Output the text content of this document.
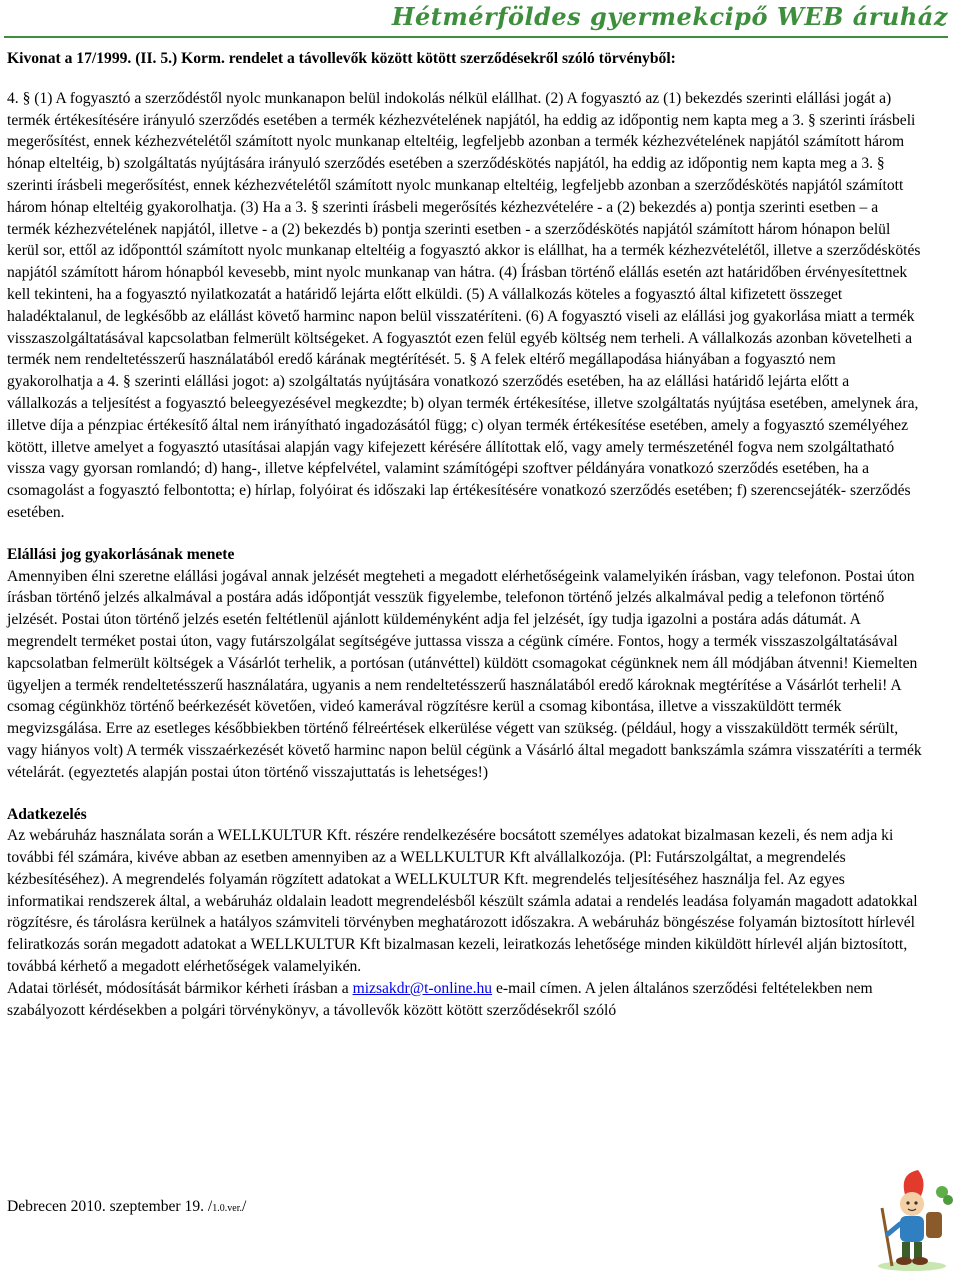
Hétmérföldes gyermekcipő WEB áruház

Kivonat a 17/1999. (II. 5.) Korm. rendelet a távollevők között kötött szerződésekről szóló törvényből:

4. § (1) A fogyasztó a szerződéstől nyolc munkanapon belül indokolás nélkül elállhat. (2) A fogyasztó az (1) bekezdés szerinti elállási jogát a) termék értékesítésére irányuló szerződés esetében a termék kézhezvételének napjától, ha eddig az időpontig nem kapta meg a 3. § szerinti írásbeli megerősítést, ennek kézhezvételétől számított nyolc munkanap elteltéig, legfeljebb azonban a termék kézhezvételének napjától számított három hónap elteltéig, b) szolgáltatás nyújtására irányuló szerződés esetében a szerződéskötés napjától, ha eddig az időpontig nem kapta meg a 3. § szerinti írásbeli megerősítést, ennek kézhezvételétől számított nyolc munkanap elteltéig, legfeljebb azonban a szerződéskötés napjától számított három hónap elteltéig gyakorolhatja. (3) Ha a 3. § szerinti írásbeli megerősítés kézhezvételére - a (2) bekezdés a) pontja szerinti esetben – a termék kézhezvételének napjától, illetve - a (2) bekezdés b) pontja szerinti esetben - a szerződéskötés napjától számított három hónapon belül kerül sor, ettől az időponttól számított nyolc munkanap elteltéig a fogyasztó akkor is elállhat, ha a termék kézhezvételétől, illetve a szerződéskötés napjától számított három hónapból kevesebb, mint nyolc munkanap van hátra. (4) Írásban történő elállás esetén azt határidőben érvényesítettnek kell tekinteni, ha a fogyasztó nyilatkozatát a határidő lejárta előtt elküldi. (5) A vállalkozás köteles a fogyasztó által kifizetett összeget haladéktalanul, de legkésőbb az elállást követő harminc napon belül visszatéríteni. (6) A fogyasztó viseli az elállási jog gyakorlása miatt a termék visszaszolgáltatásával kapcsolatban felmerült költségeket. A fogyasztót ezen felül egyéb költség nem terheli. A vállalkozás azonban követelheti a termék nem rendeltetésszerű használatából eredő kárának megtérítését. 5. § A felek eltérő megállapodása hiányában a fogyasztó nem gyakorolhatja a 4. § szerinti elállási jogot: a) szolgáltatás nyújtására vonatkozó szerződés esetében, ha az elállási határidő lejárta előtt a vállalkozás a teljesítést a fogyasztó beleegyezésével megkezdte; b) olyan termék értékesítése, illetve szolgáltatás nyújtása esetében, amelynek ára, illetve díja a pénzpiac értékesítő által nem irányítható ingadozásától függ; c) olyan termék értékesítése esetében, amely a fogyasztó személyéhez kötött, illetve amelyet a fogyasztó utasításai alapján vagy kifejezett kérésére állítottak elő, vagy amely természeténél fogva nem szolgáltatható vissza vagy gyorsan romlandó; d) hang-, illetve képfelvétel, valamint számítógépi szoftver példányára vonatkozó szerződés esetében, ha a csomagolást a fogyasztó felbontotta; e) hírlap, folyóirat és időszaki lap értékesítésére vonatkozó szerződés esetében; f) szerencsejáték- szerződés esetében.

Elállási jog gyakorlásának menete

Amennyiben élni szeretne elállási jogával annak jelzését megteheti a megadott elérhetőségeink valamelyikén írásban, vagy telefonon. Postai úton írásban történő jelzés alkalmával a postára adás időpontját vesszük figyelembe, telefonon történő jelzés alkalmával pedig a telefonon történő jelzését. Postai úton történő jelzés esetén feltétlenül ajánlott küldeményként adja fel jelzését, így tudja igazolni a postára adás dátumát. A megrendelt terméket postai úton, vagy futárszolgálat segítségéve juttassa vissza a cégünk címére. Fontos, hogy a termék visszaszolgáltatásával kapcsolatban felmerült költségek a Vásárlót terhelik, a portósan (utánvéttel) küldött csomagokat cégünknek nem áll módjában átvenni! Kiemelten ügyeljen a termék rendeltetésszerű használatára, ugyanis a nem rendeltetésszerű használatából eredő károknak megtérítése a Vásárlót terheli! A csomag cégünkhöz történő beérkezését követően, videó kamerával rögzítésre kerül a csomag kibontása, illetve a visszaküldött termék megvizsgálása. Erre az esetleges későbbiekben történő félreértések elkerülése végett van szükség. (például, hogy a visszaküldött termék sérült, vagy hiányos volt) A termék visszaérkezését követő harminc napon belül cégünk a Vásárló által megadott bankszámla számra visszatéríti a termék vételárát. (egyeztetés alapján postai úton történő visszajuttatás is lehetséges!)

Adatkezelés

Az webáruház használata során a WELLKULTUR Kft. részére rendelkezésére bocsátott személyes adatokat bizalmasan kezeli, és nem adja ki további fél számára, kivéve abban az esetben amennyiben az a WELLKULTUR Kft alvállalkozója. (Pl: Futárszolgáltat, a megrendelés kézbesítéséhez). A megrendelés folyamán rögzített adatokat a WELLKULTUR Kft. megrendelés teljesítéséhez használja fel. Az egyes informatikai rendszerek által, a webáruház oldalain leadott megrendelésből készült számla adatai a rendelés leadása folyamán magadott adatokkal rögzítésre, és tárolásra kerülnek a hatályos számviteli törvényben meghatározott időszakra. A webáruház böngészése folyamán biztosított hírlevél feliratkozás során megadott adatokat a WELLKULTUR Kft bizalmasan kezeli, leiratkozás lehetősége minden kiküldött hírlevél alján biztosított, továbbá kérhető a megadott elérhetőségek valamelyikén.

Adatai törlését, módosítását bármikor kérheti írásban a mizsakdr@t-online.hu e-mail címen. A jelen általános szerződési feltételekben nem szabályozott kérdésekben a polgári törvénykönyv, a távollevők között kötött szerződésekről szóló

Debrecen 2010. szeptember 19. /1.0.ver./
